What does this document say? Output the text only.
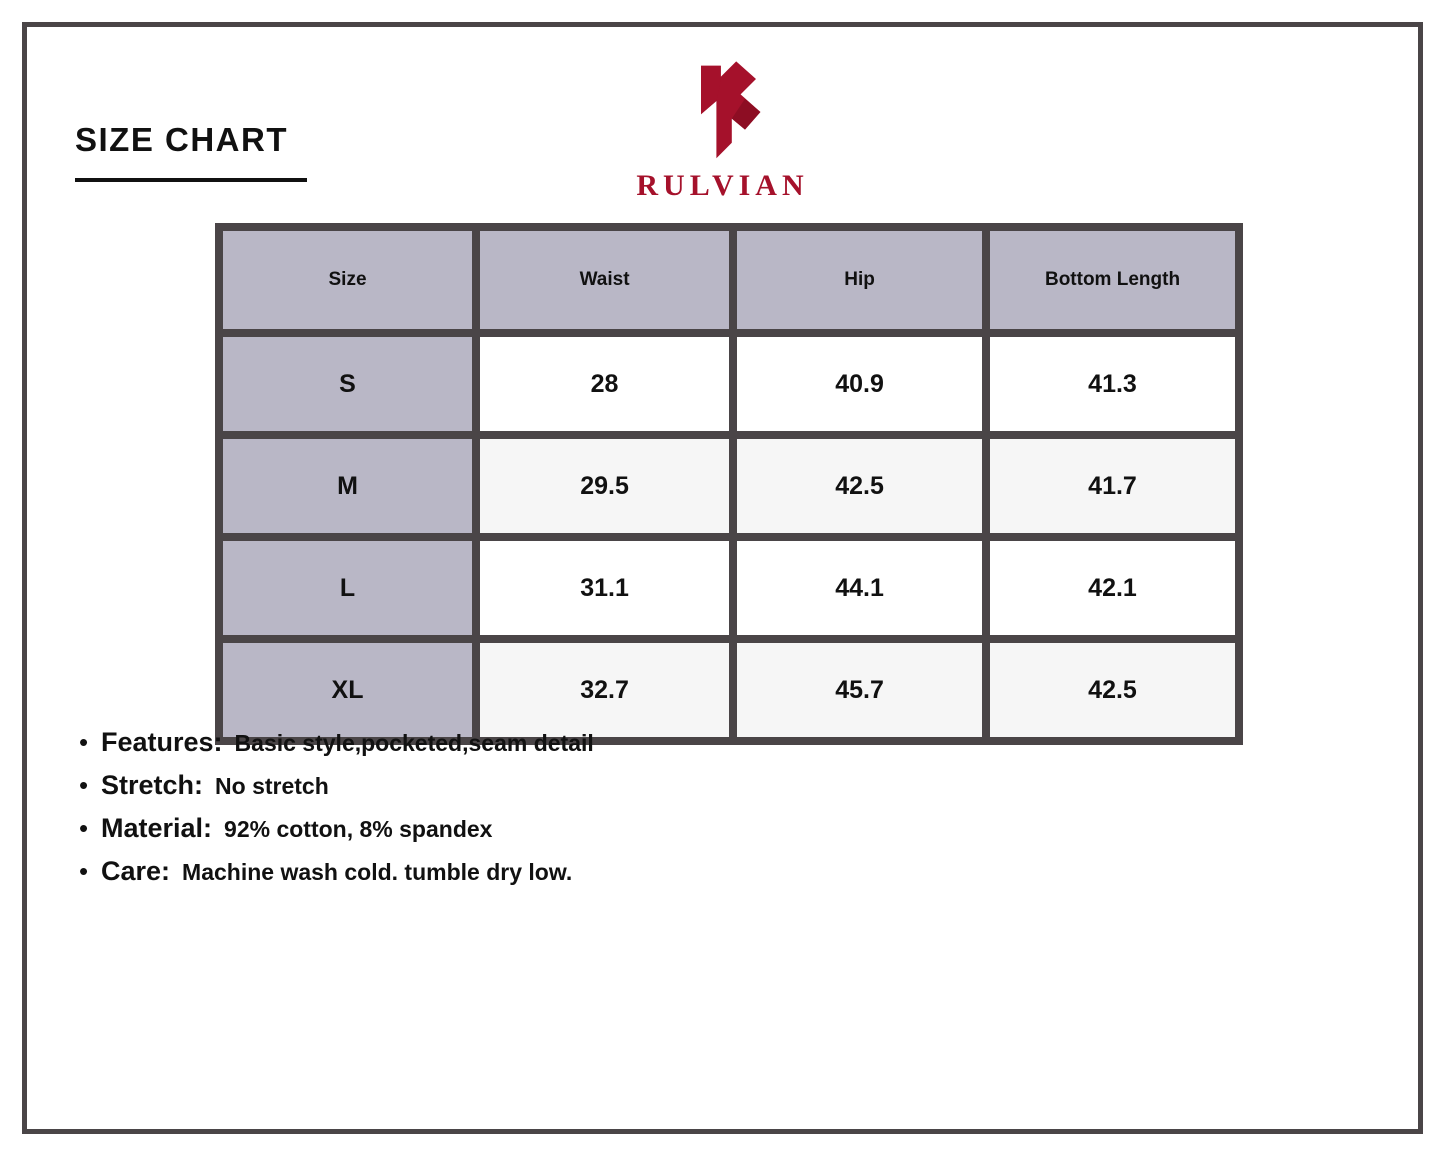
SIZE CHART
RULVIAN
Size	Waist	Hip	Bottom Length
S	28	40.9	41.3
M	29.5	42.5	41.7
L	31.1	44.1	42.1
XL	32.7	45.7	42.5
• Features: Basic style,pocketed,seam detail
• Stretch: No stretch
• Material: 92% cotton, 8% spandex
• Care: Machine wash cold. tumble dry low.
